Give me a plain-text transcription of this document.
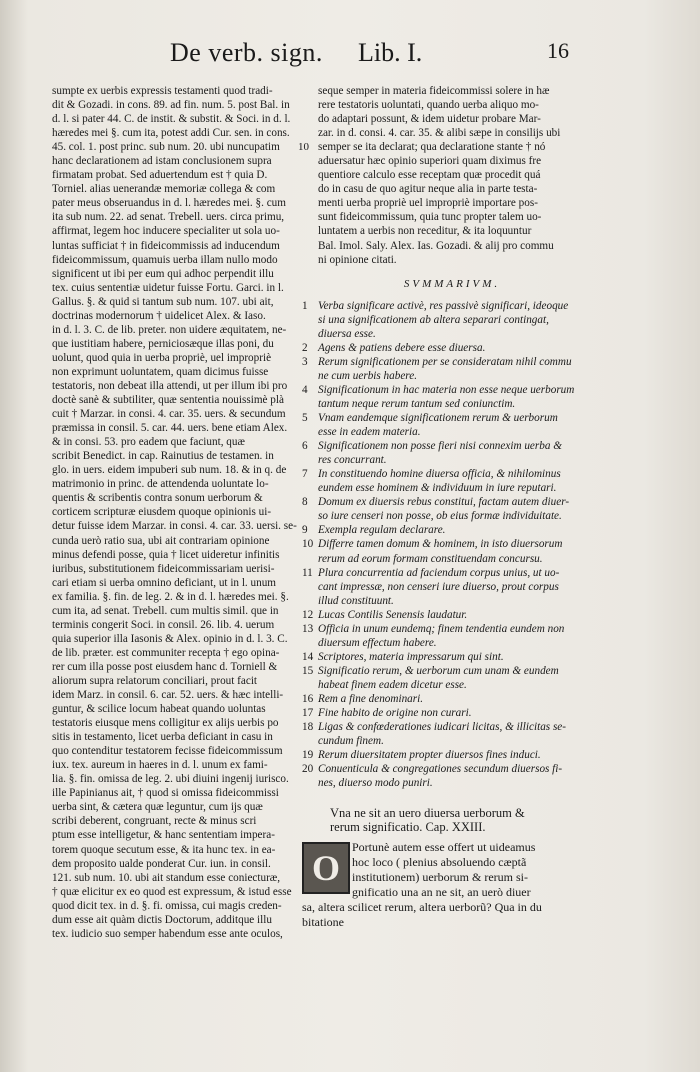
De verb. sign. Lib. I.	16
sumpte ex uerbis expressis testamenti quod tradi-
dit & Gozadi. in cons. 89. ad fin. num. 5. post Bal. in
d. l. si pater 44. C. de instit. & substit. & Soci. in d. l.
hæredes mei §. cum ita, potest addi Cur. sen. in cons.
45. col. 1. post princ. sub num. 20. ubi nuncupatim
hanc declarationem ad istam conclusionem supra
firmatam probat. Sed aduertendum est † quia D.
Torniel. alias uenerandæ memoriæ collega & com
pater meus obseruandus in d. l. hæredes mei. §. cum
ita sub num. 22. ad senat. Trebell. uers. circa primu,
affirmat, legem hoc inducere specialiter ut sola uo-
luntas sufficiat † in fideicommissis ad inducendum
fideicommissum, quamuis uerba illam nullo modo
significent ut ibi per eum qui adhoc perpendit illu
tex. cuius sententiæ uidetur fuisse Fortu. Garci. in l.
Gallus. §. & quid si tantum sub num. 107. ubi ait,
doctrinas modernorum † uidelicet Alex. & Iaso.
in d. l. 3. C. de lib. preter. non uidere æquitatem, ne-
que iustitiam habere, perniciosæque illas poni, du
uolunt, quod quia in uerba propriè, uel impropriè
non exprimunt uoluntatem, quam dicimus fuisse
testatoris, non debeat illa attendi, ut per illum ibi pro
doctè sanè & subtiliter, quæ sententia nouissimè plà
cuit † Marzar. in consi. 4. car. 35. uers. & secundum
præmissa in consil. 5. car. 44. uers. bene etiam Alex.
& in consi. 53. pro eadem que faciunt, quæ
scribit Benedict. in cap. Rainutius de testamen. in
glo. in uers. eidem impuberi sub num. 18. & in q. de
matrimonio in princ. de attendenda uoluntate lo-
quentis & scribentis contra sonum uerborum &
corticem scripturæ eiusdem quoque opinionis ui-
detur fuisse idem Marzar. in consi. 4. car. 33. uersi. se-
cunda uerò ratio sua, ubi ait contrariam opinione
minus defendi posse, quia † licet uideretur infinitis
iuribus, substitutionem fideicommissariam uerisi-
cari etiam si uerba omnino deficiant, ut in l. unum
ex familia. §. fin. de leg. 2. & in d. l. hæredes mei. §.
cum ita, ad senat. Trebell. cum multis simil. que in
terminis congerit Soci. in consil. 26. lib. 4. uerum
quia superior illa Iasonis & Alex. opinio in d. l. 3. C.
de lib. præter. est communiter recepta † ego opina-
rer cum illa posse post eiusdem hanc d. Torniell &
aliorum supra relatorum conciliari, prout facit
idem Marz. in consil. 6. car. 52. uers. & hæc intelli-
guntur, & scilice locum habeat quando uoluntas
testatoris eiusque mens colligitur ex alijs uerbis po
sitis in testamento, licet uerba deficiant in casu in
quo contenditur testatorem fecisse fideicommissum
iux. tex. aureum in haeres in d. l. unum ex fami-
lia. §. fin. omissa de leg. 2. ubi diuini ingenij iurisco.
ille Papinianus ait, † quod si omissa fideicommissi
uerba sint, & cætera quæ leguntur, cum ijs quæ
scribi deberent, congruant, recte & minus scri
ptum esse intelligetur, & hanc sententiam impera-
torem quoque secutum esse, & ita hunc tex. in ea-
dem proposito ualde ponderat Cur. iun. in consil.
121. sub num. 10. ubi ait standum esse coniecturæ,
† quæ elicitur ex eo quod est expressum, & istud esse
quod dicit tex. in d. §. fi. omissa, cui magis creden-
dum esse ait quàm dictis Doctorum, additque illu
tex. iudicio suo semper habendum esse ante oculos,
seque semper in materia fideicommissi solere in hæ
rere testatoris uoluntati, quando uerba aliquo mo-
do adaptari possunt, & idem uidetur probare Mar-
zar. in d. consi. 4. car. 35. & alibi sæpe in consilijs ubi
semper se ita declarat; qua declaratione stante † nó
aduersatur hæc opinio superiori quam diximus fre
quentiore calculo esse receptam quæ procedit quá
do in casu de quo agitur neque alia in parte testa-
menti uerba propriè uel impropriè importare pos-
sunt fideicommissum, quia tunc propter talem uo-
luntatem a uerbis non receditur, & ita loquuntur
Bal. Imol. Saly. Alex. Ias. Gozadi. & alij pro commu
ni opinione citati.
SVMMARIVM.
1 Verba significare activè, res passivè significari, ideoque
si una significationem ab altera separari contingat,
diuersa esse.
2 Agens & patiens debere esse diuersa.
3 Rerum significationem per se consideratam nihil commu
ne cum uerbis habere.
4 Significationum in hac materia non esse neque uerborum
tantum neque rerum tantum sed coniunctim.
5 Vnam eandemque significationem rerum & uerborum
esse in eadem materia.
6 Significationem non posse fieri nisi connexim uerba &
res concurrant.
7 In constituendo homine diuersa officia, & nihilominus
eundem esse hominem & individuum in iure reputari.
8 Domum ex diuersis rebus constitui, factam autem diuer-
so iure censeri non posse, ob eius formæ individuitate.
9 Exempla regulam declarare.
10 Differre tamen domum & hominem, in isto diuersorum
rerum ad eorum formam constituendam concursu.
11 Plura concurrentia ad faciendum corpus unius, ut uo-
cant impressæ, non censeri iure diuerso, prout corpus
illud constituunt.
12 Lucas Contilis Senensis laudatur.
13 Officia in unum eundemq; finem tendentia eundem non
diuersum effectum habere.
14 Scriptores, materia impressarum qui sint.
15 Significatio rerum, & uerborum cum unam & eundem
habeat finem eadem dicetur esse.
16 Rem a fine denominari.
17 Fine habito de origine non curari.
18 Ligas & confœderationes iudicari licitas, & illicitas se-
cundum finem.
19 Rerum diuersitatem propter diuersos fines induci.
20 Conuenticula & congregationes secundum diuersos fi-
nes, diuerso modo puniri.
Vna ne sit an uero diuersa uerborum &
rerum significatio. Cap. XXIII.
O
Portunè autem esse offert ut uideamus
hoc loco ( plenius absoluendo cæptã
institutionem) uerborum & rerum si-
gnificatio una an ne sit, an uerò diuer
sa, altera scilicet rerum, altera uerborũ? Qua in du
bitatione
10
